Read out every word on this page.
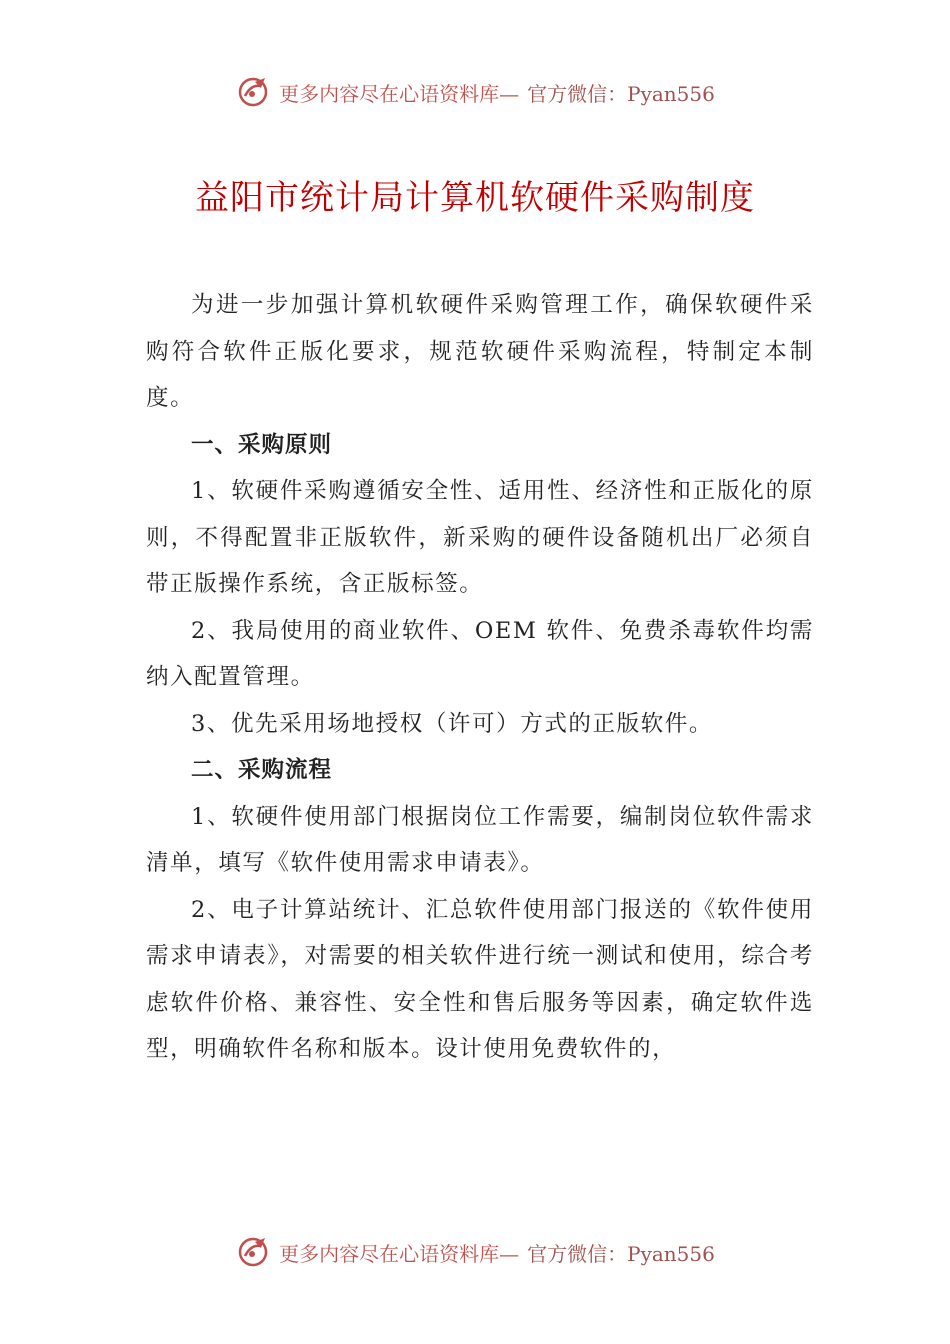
更多内容尽在心语资料库— 官方微信：Pyan556
益阳市统计局计算机软硬件采购制度

为进一步加强计算机软硬件采购管理工作，确保软硬件采购符合软件正版化要求，规范软硬件采购流程，特制定本制度。

一、采购原则

1、软硬件采购遵循安全性、适用性、经济性和正版化的原则，不得配置非正版软件，新采购的硬件设备随机出厂必须自带正版操作系统，含正版标签。

2、我局使用的商业软件、OEM 软件、免费杀毒软件均需纳入配置管理。

3、优先采用场地授权（许可）方式的正版软件。

二、采购流程

1、软硬件使用部门根据岗位工作需要，编制岗位软件需求清单，填写《软件使用需求申请表》。

2、电子计算站统计、汇总软件使用部门报送的《软件使用需求申请表》，对需要的相关软件进行统一测试和使用，综合考虑软件价格、兼容性、安全性和售后服务等因素，确定软件选型，明确软件名称和版本。设计使用免费软件的，

更多内容尽在心语资料库— 官方微信：Pyan556
